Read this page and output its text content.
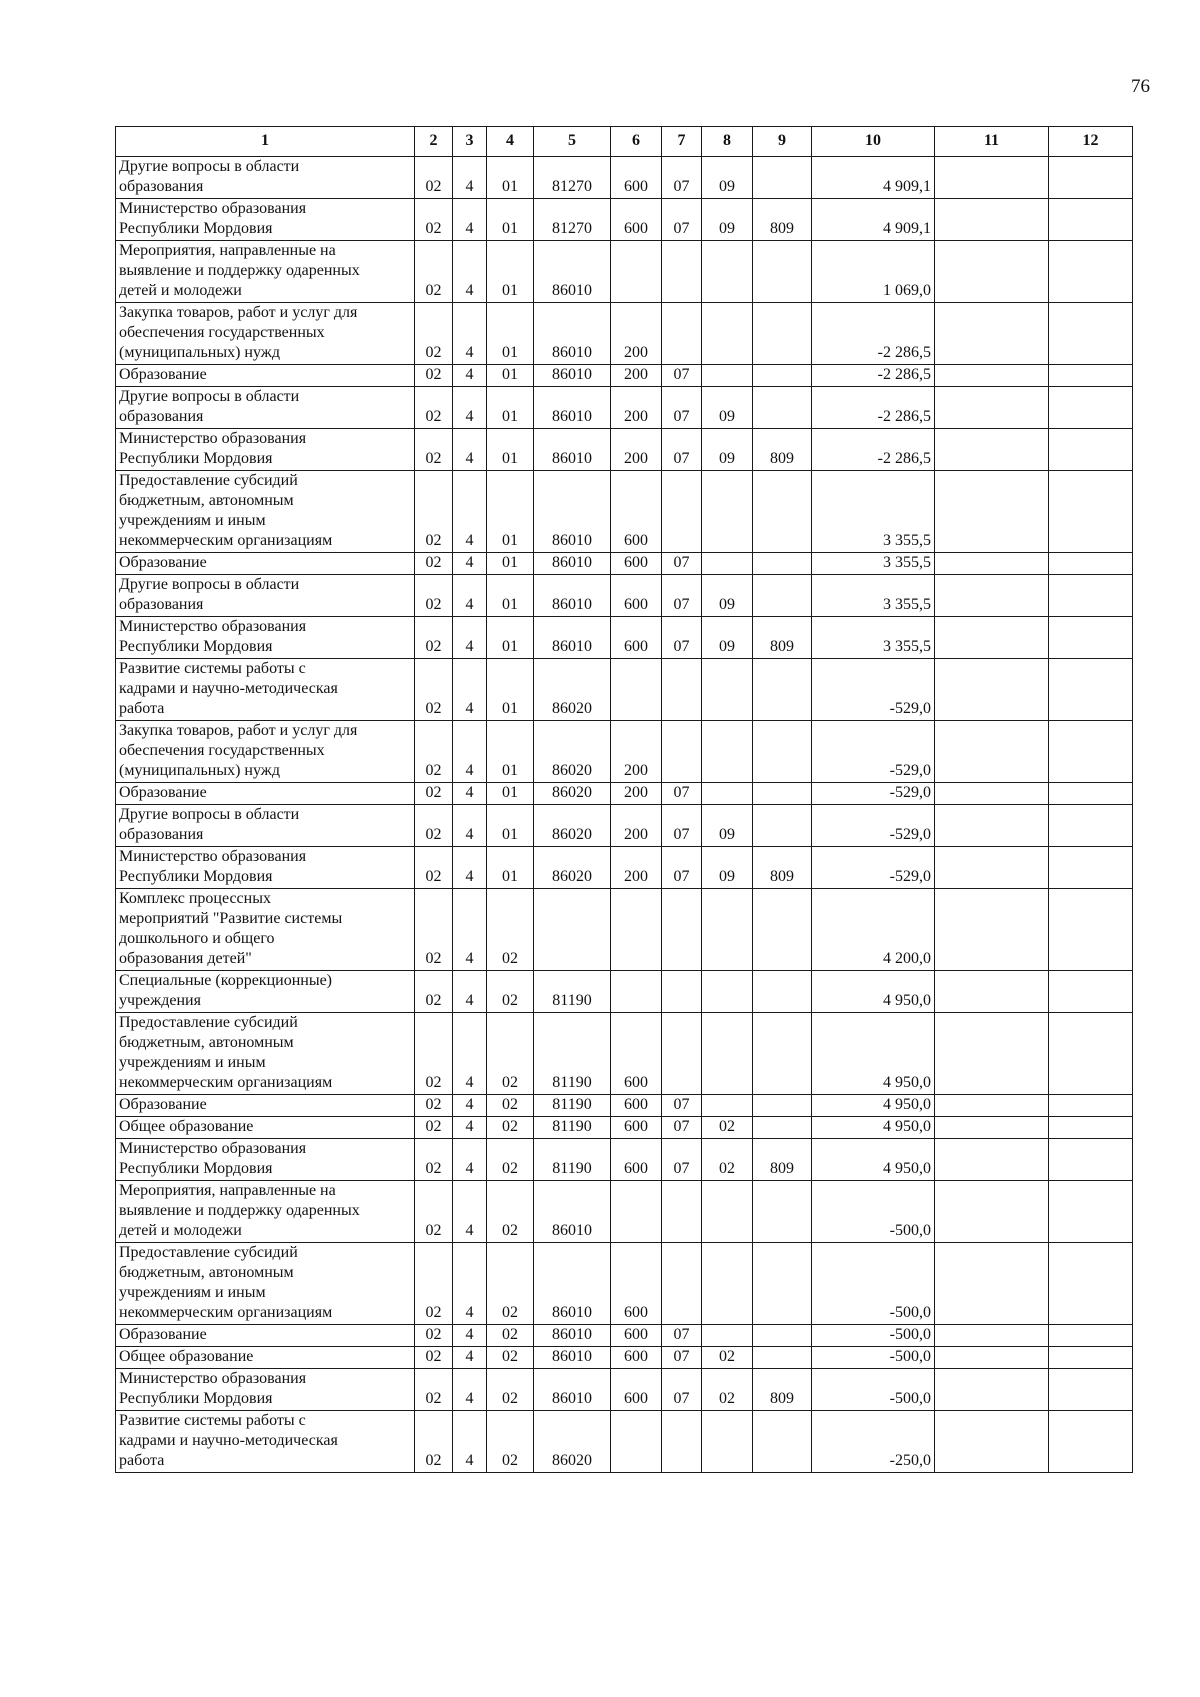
76
1	2	3	4	5	6	7	8	9	10	11	12
Другие вопросы в области
образования	02	4	01	81270	600	07	09		4 909,1		
Министерство образования
Республики Мордовия	02	4	01	81270	600	07	09	809	4 909,1		
Мероприятия, направленные на
выявление и поддержку одаренных
детей и молодежи	02	4	01	86010					1 069,0		
Закупка товаров, работ и услуг для
обеспечения государственных
(муниципальных) нужд	02	4	01	86010	200				-2 286,5		
Образование	02	4	01	86010	200	07			-2 286,5		
Другие вопросы в области
образования	02	4	01	86010	200	07	09		-2 286,5		
Министерство образования
Республики Мордовия	02	4	01	86010	200	07	09	809	-2 286,5		
Предоставление субсидий
бюджетным, автономным
учреждениям и иным
некоммерческим организациям	02	4	01	86010	600				3 355,5		
Образование	02	4	01	86010	600	07			3 355,5		
Другие вопросы в области
образования	02	4	01	86010	600	07	09		3 355,5		
Министерство образования
Республики Мордовия	02	4	01	86010	600	07	09	809	3 355,5		
Развитие системы работы с
кадрами и научно-методическая
работа	02	4	01	86020					-529,0		
Закупка товаров, работ и услуг для
обеспечения государственных
(муниципальных) нужд	02	4	01	86020	200				-529,0		
Образование	02	4	01	86020	200	07			-529,0		
Другие вопросы в области
образования	02	4	01	86020	200	07	09		-529,0		
Министерство образования
Республики Мордовия	02	4	01	86020	200	07	09	809	-529,0		
Комплекс процессных
мероприятий "Развитие системы
дошкольного и общего
образования детей"	02	4	02						4 200,0		
Специальные (коррекционные)
учреждения	02	4	02	81190					4 950,0		
Предоставление субсидий
бюджетным, автономным
учреждениям и иным
некоммерческим организациям	02	4	02	81190	600				4 950,0		
Образование	02	4	02	81190	600	07			4 950,0		
Общее образование	02	4	02	81190	600	07	02		4 950,0		
Министерство образования
Республики Мордовия	02	4	02	81190	600	07	02	809	4 950,0		
Мероприятия, направленные на
выявление и поддержку одаренных
детей и молодежи	02	4	02	86010					-500,0		
Предоставление субсидий
бюджетным, автономным
учреждениям и иным
некоммерческим организациям	02	4	02	86010	600				-500,0		
Образование	02	4	02	86010	600	07			-500,0		
Общее образование	02	4	02	86010	600	07	02		-500,0		
Министерство образования
Республики Мордовия	02	4	02	86010	600	07	02	809	-500,0		
Развитие системы работы с
кадрами и научно-методическая
работа	02	4	02	86020					-250,0		
